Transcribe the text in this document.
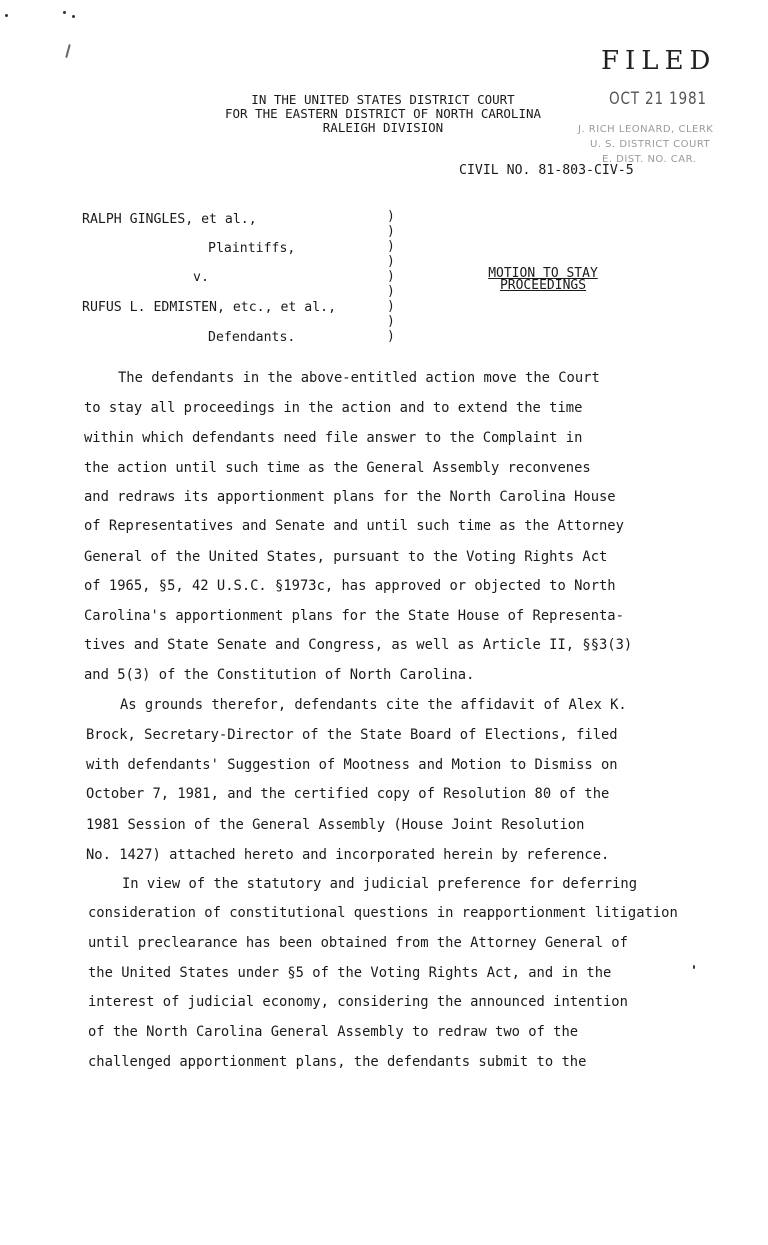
FILED
OCT 21 1981
J. RICH LEONARD, CLERK
U. S. DISTRICT COURT
E. DIST. NO. CAR.
IN THE UNITED STATES DISTRICT COURT
FOR THE EASTERN DISTRICT OF NORTH CAROLINA
RALEIGH DIVISION
CIVIL NO. 81-803-CIV-5
RALPH GINGLES, et al.,
Plaintiffs,
v.
RUFUS L. EDMISTEN, etc., et al.,
Defendants.
)
)
)
)
)
)
)
)
)
MOTION TO STAY
PROCEEDINGS
The defendants in the above-entitled action move the Court
to stay all proceedings in the action and to extend the time
within which defendants need file answer to the Complaint in
the action until such time as the General Assembly reconvenes
and redraws its apportionment plans for the North Carolina House
of Representatives and Senate and until such time as the Attorney
General of the United States, pursuant to the Voting Rights Act
of 1965, §5, 42 U.S.C. §1973c, has approved or objected to North
Carolina's apportionment plans for the State House of Representa-
tives and State Senate and Congress, as well as Article II, §§3(3)
and 5(3) of the Constitution of North Carolina.
As grounds therefor, defendants cite the affidavit of Alex K.
Brock, Secretary-Director of the State Board of Elections, filed
with defendants' Suggestion of Mootness and Motion to Dismiss on
October 7, 1981, and the certified copy of Resolution 80 of the
1981 Session of the General Assembly (House Joint Resolution
No. 1427) attached hereto and incorporated herein by reference.
In view of the statutory and judicial preference for deferring
consideration of constitutional questions in reapportionment litigation
until preclearance has been obtained from the Attorney General of
the United States under §5 of the Voting Rights Act, and in the
interest of judicial economy, considering the announced intention
of the North Carolina General Assembly to redraw two of the
challenged apportionment plans, the defendants submit to the
